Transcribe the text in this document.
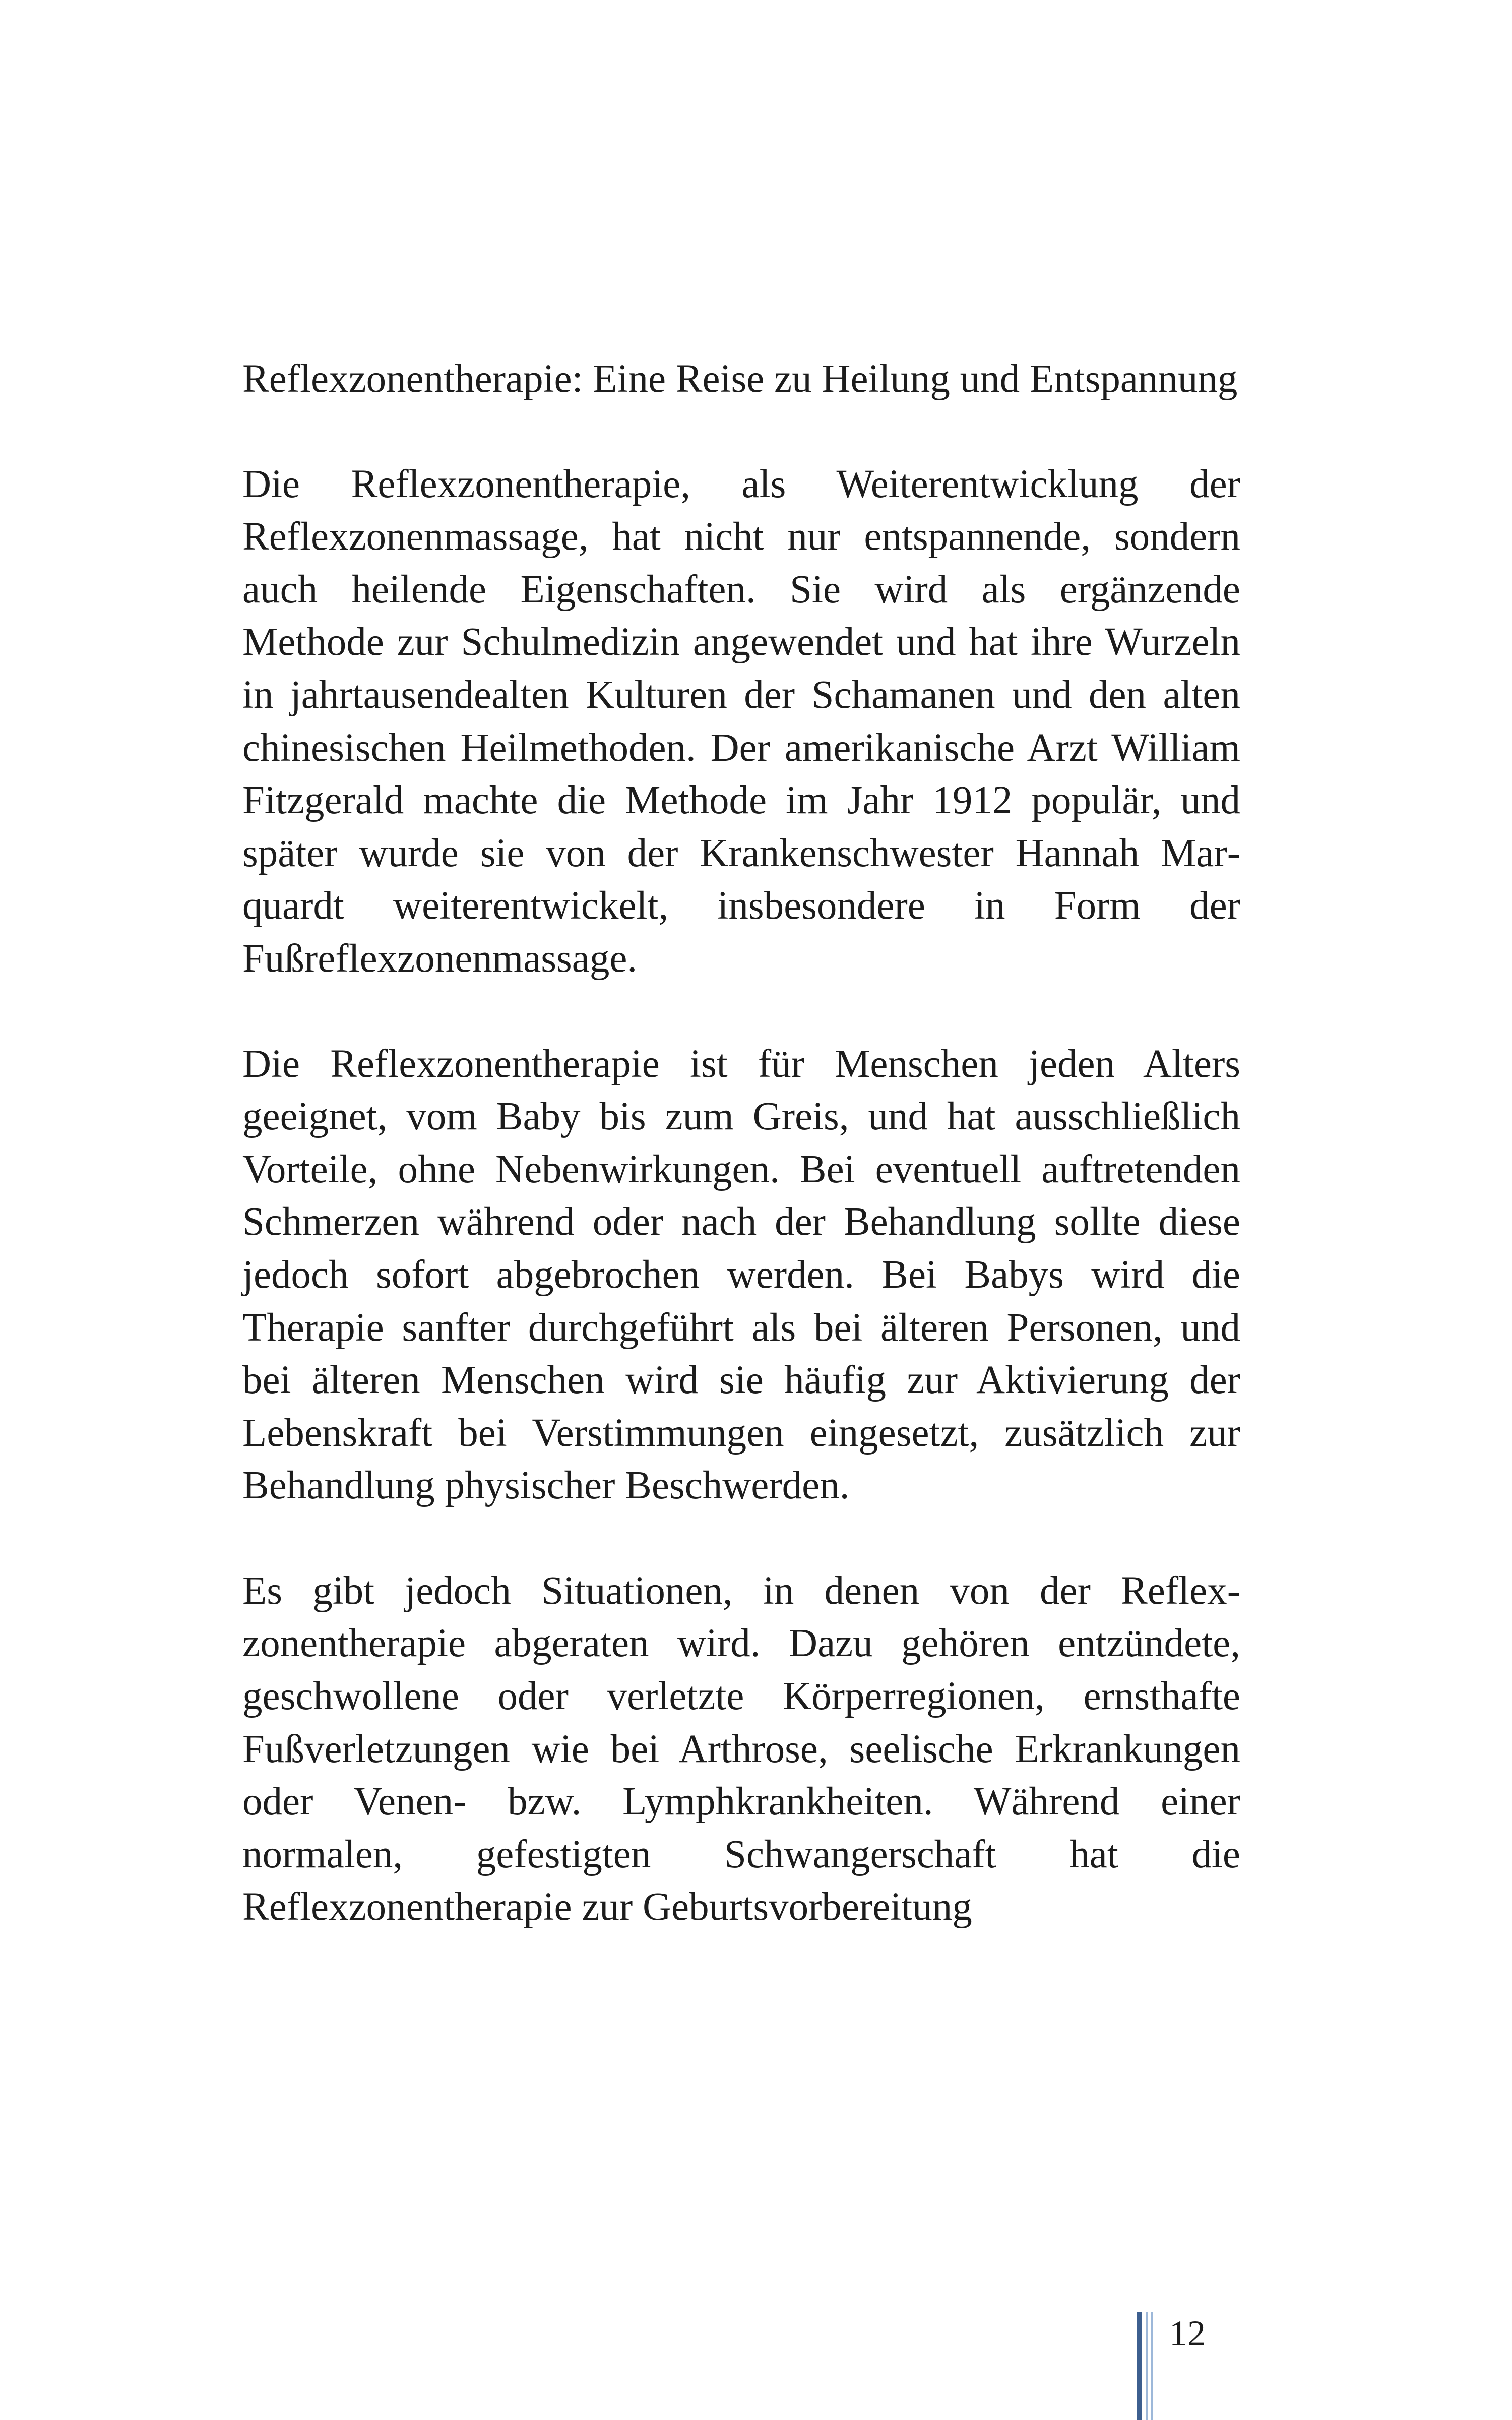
Reflexzonentherapie: Eine Reise zu Heilung und Entspannung

Die Reflexzonentherapie, als Weiterentwicklung der Reflexzonenmassage, hat nicht nur entspannende, sondern auch heilende Eigenschaften. Sie wird als ergänzende Methode zur Schulmedizin angewendet und hat ihre Wurzeln in jahrtausendealten Kulturen der Schamanen und den alten chinesischen Heilmethoden. Der amerikanische Arzt William Fitzgerald machte die Methode im Jahr 1912 populär, und später wurde sie von der Krankenschwester Hannah Marquardt weiterentwickelt, insbesondere in Form der Fußreflexzonenmassage.

Die Reflexzonentherapie ist für Menschen jeden Alters geeignet, vom Baby bis zum Greis, und hat ausschließlich Vorteile, ohne Nebenwirkungen. Bei eventuell auftretenden Schmerzen während oder nach der Behandlung sollte diese jedoch sofort abgebrochen werden. Bei Babys wird die Therapie sanfter durchgeführt als bei älteren Personen, und bei älteren Menschen wird sie häufig zur Aktivierung der Lebenskraft bei Verstimmungen eingesetzt, zusätzlich zur Behandlung physischer Beschwerden.

Es gibt jedoch Situationen, in denen von der Reflexzonentherapie abgeraten wird. Dazu gehören entzündete, geschwollene oder verletzte Körperregionen, ernsthafte Fußverletzungen wie bei Arthrose, seelische Erkrankungen oder Venen- bzw. Lymphkrankheiten. Während einer normalen, gefestigten Schwangerschaft hat die Reflexzonentherapie zur Geburtsvorbereitung

12
